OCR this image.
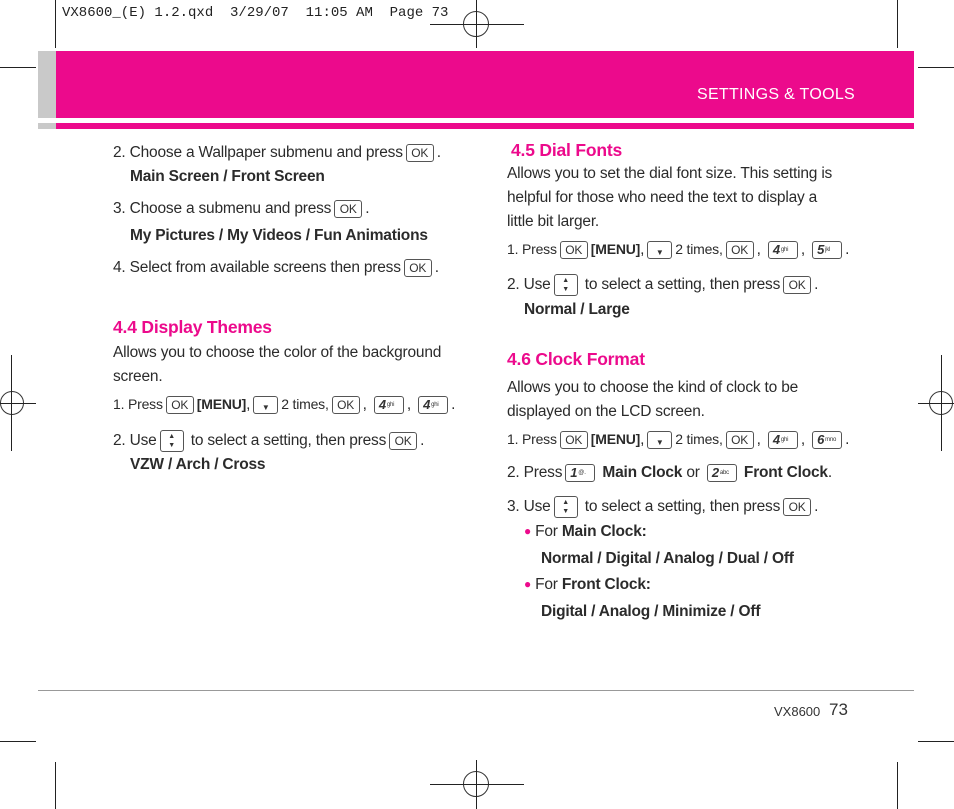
VX8600_(E) 1.2.qxd  3/29/07  11:05 AM  Page 73
SETTINGS & TOOLS
2. Choose a Wallpaper submenu and press OK .
Main Screen / Front Screen
3. Choose a submenu and press OK .
My Pictures / My Videos / Fun Animations
4. Select from available screens then press OK .
4.4 Display Themes
Allows you to choose the color of the background
screen.
1. Press OK [MENU], ▼ 2 times, OK , $4^{ghi}$ , $4^{ghi}$ .
2. Use ▲
▼ to select a setting, then press OK .
VZW / Arch / Cross
4.5 Dial Fonts
Allows you to set the dial font size. This setting is
helpful for those who need the text to display a
little bit larger.
1. Press OK [MENU], ▼ 2 times, OK , $4^{ghi}$ , $5^{jkl}$ .
2. Use ▲
▼ to select a setting, then press OK .
Normal / Large
4.6 Clock Format
Allows you to choose the kind of clock to be
displayed on the LCD screen.
1. Press OK [MENU], ▼ 2 times, OK , $4^{ghi}$ , $6^{mno}$ .
2. Press 1@. Main Clock or $2^{abc}$ Front Clock.
3. Use ▲
▼ to select a setting, then press OK .
● For Main Clock:
Normal / Digital / Analog / Dual / Off
● For Front Clock:
Digital / Analog / Minimize / Off
VX8600 73
